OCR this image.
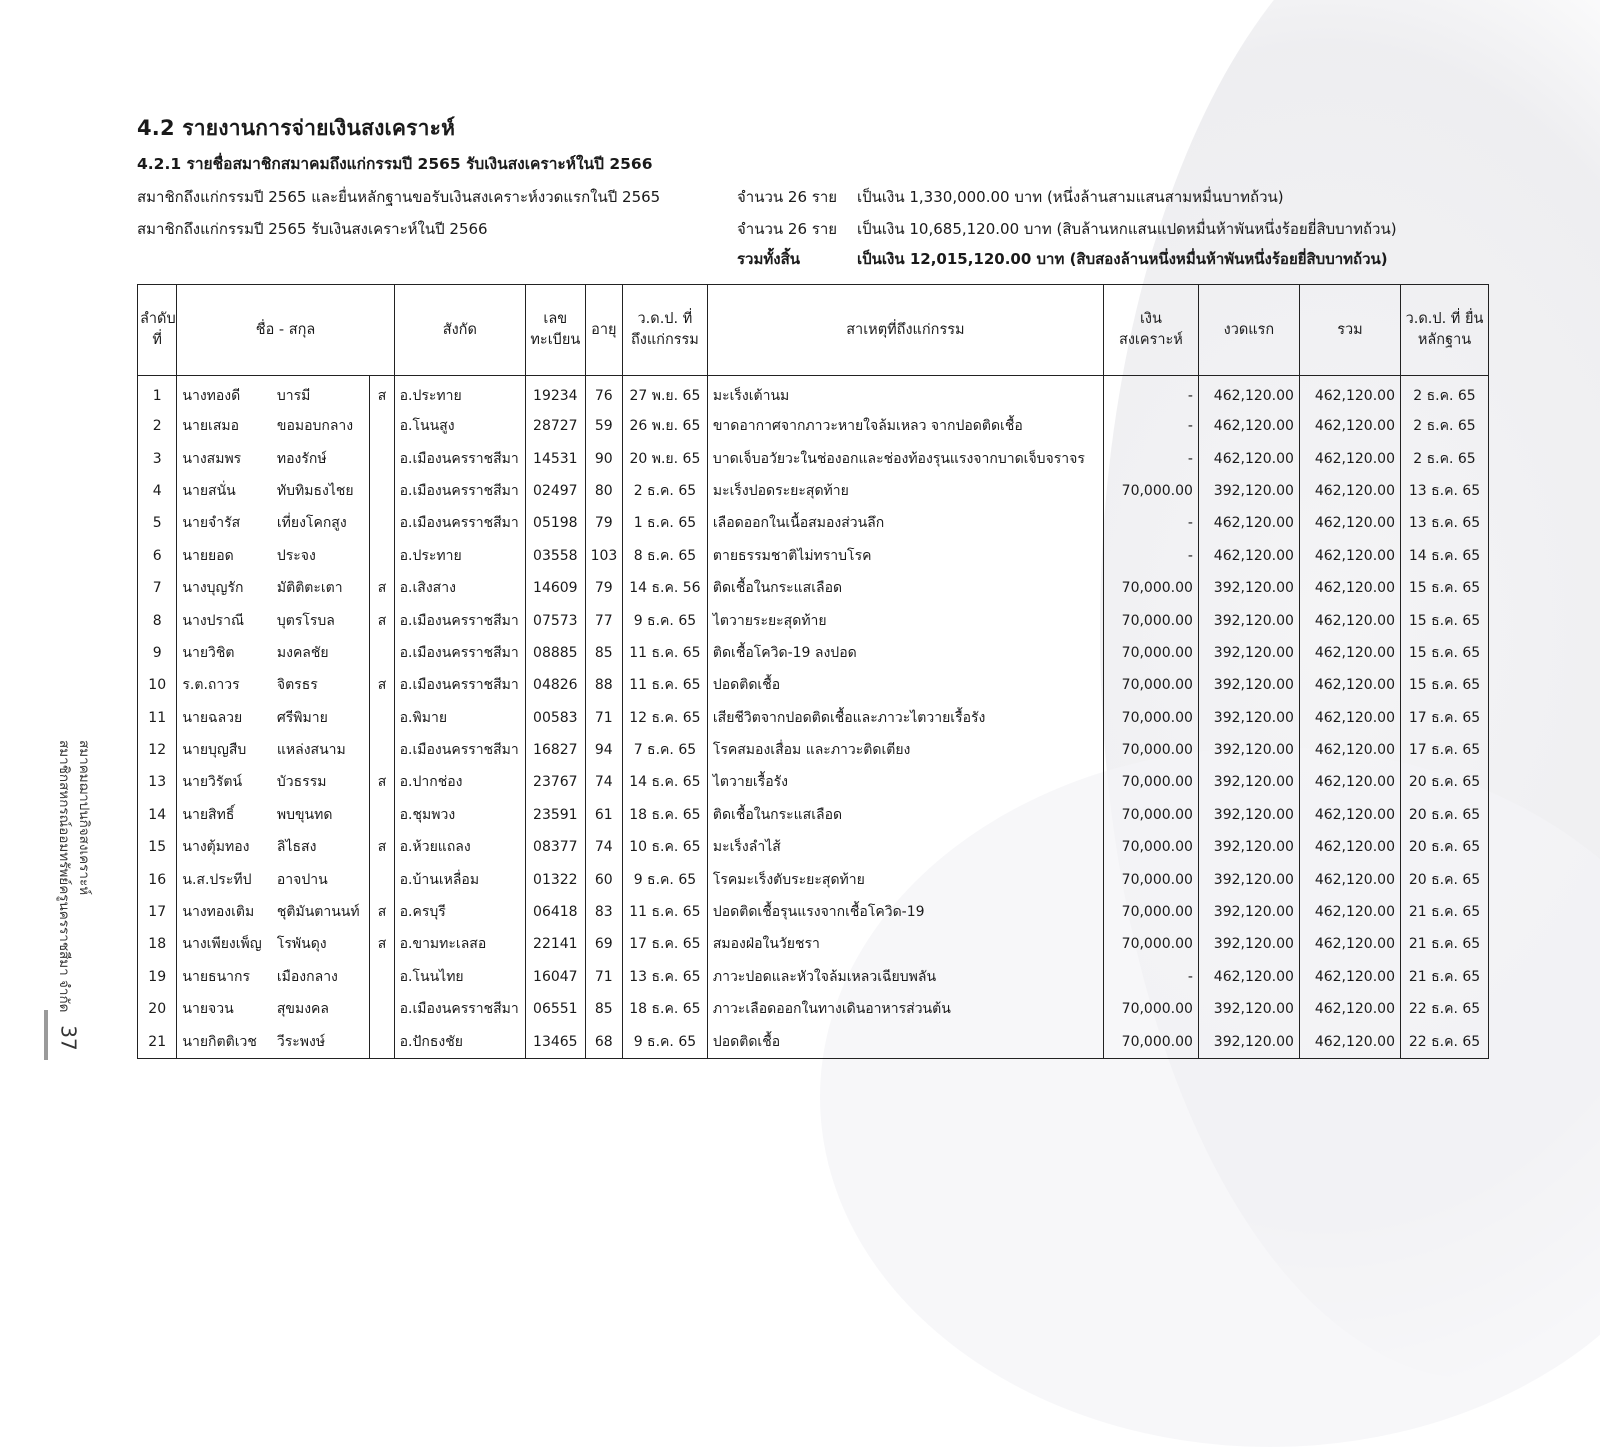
4.2 รายงานการจ่ายเงินสงเคราะห์
4.2.1 รายชื่อสมาชิกสมาคมถึงแก่กรรมปี 2565 รับเงินสงเคราะห์ในปี 2566
สมาชิกถึงแก่กรรมปี 2565 และยื่นหลักฐานขอรับเงินสงเคราะห์งวดแรกในปี 2565	จำนวน 26 ราย เป็นเงิน 1,330,000.00 บาท (หนึ่งล้านสามแสนสามหมื่นบาทถ้วน)
สมาชิกถึงแก่กรรมปี 2565 รับเงินสงเคราะห์ในปี 2566	จำนวน 26 ราย เป็นเงิน 10,685,120.00 บาท (สิบล้านหกแสนแปดหมื่นห้าพันหนึ่งร้อยยี่สิบบาทถ้วน)
รวมทั้งสิ้น	เป็นเงิน 12,015,120.00 บาท (สิบสองล้านหนึ่งหมื่นห้าพันหนึ่งร้อยยี่สิบบาทถ้วน)
ลำดับ ที่	ชื่อ - สกุล			สังกัด	เลข ทะเบียน	อายุ	ว.ด.ป. ที่ ถึงแก่กรรม	สาเหตุที่ถึงแก่กรรม	เงิน สงเคราะห์	งวดแรก	รวม	ว.ด.ป. ที่ ยื่นหลักฐาน
1	นางทองดี	บารมี	ส	อ.ประทาย	19234	76	27 พ.ย. 65	มะเร็งเต้านม	-	462,120.00	462,120.00	2 ธ.ค. 65
2	นายเสมอ	ขอมอบกลาง		อ.โนนสูง	28727	59	26 พ.ย. 65	ขาดอากาศจากภาวะหายใจล้มเหลว จากปอดติดเชื้อ	-	462,120.00	462,120.00	2 ธ.ค. 65
3	นางสมพร	ทองรักษ์		อ.เมืองนครราชสีมา	14531	90	20 พ.ย. 65	บาดเจ็บอวัยวะในช่องอกและช่องท้องรุนแรงจากบาดเจ็บจราจร	-	462,120.00	462,120.00	2 ธ.ค. 65
4	นายสนั่น	ทับทิมธงไชย		อ.เมืองนครราชสีมา	02497	80	2 ธ.ค. 65	มะเร็งปอดระยะสุดท้าย	70,000.00	392,120.00	462,120.00	13 ธ.ค. 65
5	นายจำรัส	เที่ยงโคกสูง		อ.เมืองนครราชสีมา	05198	79	1 ธ.ค. 65	เลือดออกในเนื้อสมองส่วนลึก	-	462,120.00	462,120.00	13 ธ.ค. 65
6	นายยอด	ประจง		อ.ประทาย	03558	103	8 ธ.ค. 65	ตายธรรมชาติไม่ทราบโรค	-	462,120.00	462,120.00	14 ธ.ค. 65
7	นางบุญรัก	มัติติตะเตา	ส	อ.เสิงสาง	14609	79	14 ธ.ค. 56	ติดเชื้อในกระแสเลือด	70,000.00	392,120.00	462,120.00	15 ธ.ค. 65
8	นางปราณี	บุตรโรบล	ส	อ.เมืองนครราชสีมา	07573	77	9 ธ.ค. 65	ไตวายระยะสุดท้าย	70,000.00	392,120.00	462,120.00	15 ธ.ค. 65
9	นายวิชิต	มงคลชัย		อ.เมืองนครราชสีมา	08885	85	11 ธ.ค. 65	ติดเชื้อโควิด-19 ลงปอด	70,000.00	392,120.00	462,120.00	15 ธ.ค. 65
10	ร.ต.ถาวร	จิตรธร	ส	อ.เมืองนครราชสีมา	04826	88	11 ธ.ค. 65	ปอดติดเชื้อ	70,000.00	392,120.00	462,120.00	15 ธ.ค. 65
11	นายฉลวย	ศรีพิมาย		อ.พิมาย	00583	71	12 ธ.ค. 65	เสียชีวิตจากปอดติดเชื้อและภาวะไตวายเรื้อรัง	70,000.00	392,120.00	462,120.00	17 ธ.ค. 65
12	นายบุญสืบ	แหล่งสนาม		อ.เมืองนครราชสีมา	16827	94	7 ธ.ค. 65	โรคสมองเสื่อม และภาวะติดเตียง	70,000.00	392,120.00	462,120.00	17 ธ.ค. 65
13	นายวิรัตน์	บัวธรรม	ส	อ.ปากช่อง	23767	74	14 ธ.ค. 65	ไตวายเรื้อรัง	70,000.00	392,120.00	462,120.00	20 ธ.ค. 65
14	นายสิทธิ์	พบขุนทด		อ.ชุมพวง	23591	61	18 ธ.ค. 65	ติดเชื้อในกระแสเลือด	70,000.00	392,120.00	462,120.00	20 ธ.ค. 65
15	นางตุ้มทอง	ลิไธสง	ส	อ.ห้วยแถลง	08377	74	10 ธ.ค. 65	มะเร็งลำไส้	70,000.00	392,120.00	462,120.00	20 ธ.ค. 65
16	น.ส.ประทีป	อาจปาน		อ.บ้านเหลื่อม	01322	60	9 ธ.ค. 65	โรคมะเร็งตับระยะสุดท้าย	70,000.00	392,120.00	462,120.00	20 ธ.ค. 65
17	นางทองเติม	ชุติมันตานนท์	ส	อ.ครบุรี	06418	83	11 ธ.ค. 65	ปอดติดเชื้อรุนแรงจากเชื้อโควิด-19	70,000.00	392,120.00	462,120.00	21 ธ.ค. 65
18	นางเพียงเพ็ญ	โรพันดุง	ส	อ.ขามทะเลสอ	22141	69	17 ธ.ค. 65	สมองฝ่อในวัยชรา	70,000.00	392,120.00	462,120.00	21 ธ.ค. 65
19	นายธนากร	เมืองกลาง		อ.โนนไทย	16047	71	13 ธ.ค. 65	ภาวะปอดและหัวใจล้มเหลวเฉียบพลัน	-	462,120.00	462,120.00	21 ธ.ค. 65
20	นายจวน	สุขมงคล		อ.เมืองนครราชสีมา	06551	85	18 ธ.ค. 65	ภาวะเลือดออกในทางเดินอาหารส่วนต้น	70,000.00	392,120.00	462,120.00	22 ธ.ค. 65
21	นายกิตติเวช	วีระพงษ์		อ.ปักธงชัย	13465	68	9 ธ.ค. 65	ปอดติดเชื้อ	70,000.00	392,120.00	462,120.00	22 ธ.ค. 65
สมาคมฌาปนกิจสงเคราะห์
สมาชิกสหกรณ์ออมทรัพย์ครูนครราชสีมา จำกัด
37
